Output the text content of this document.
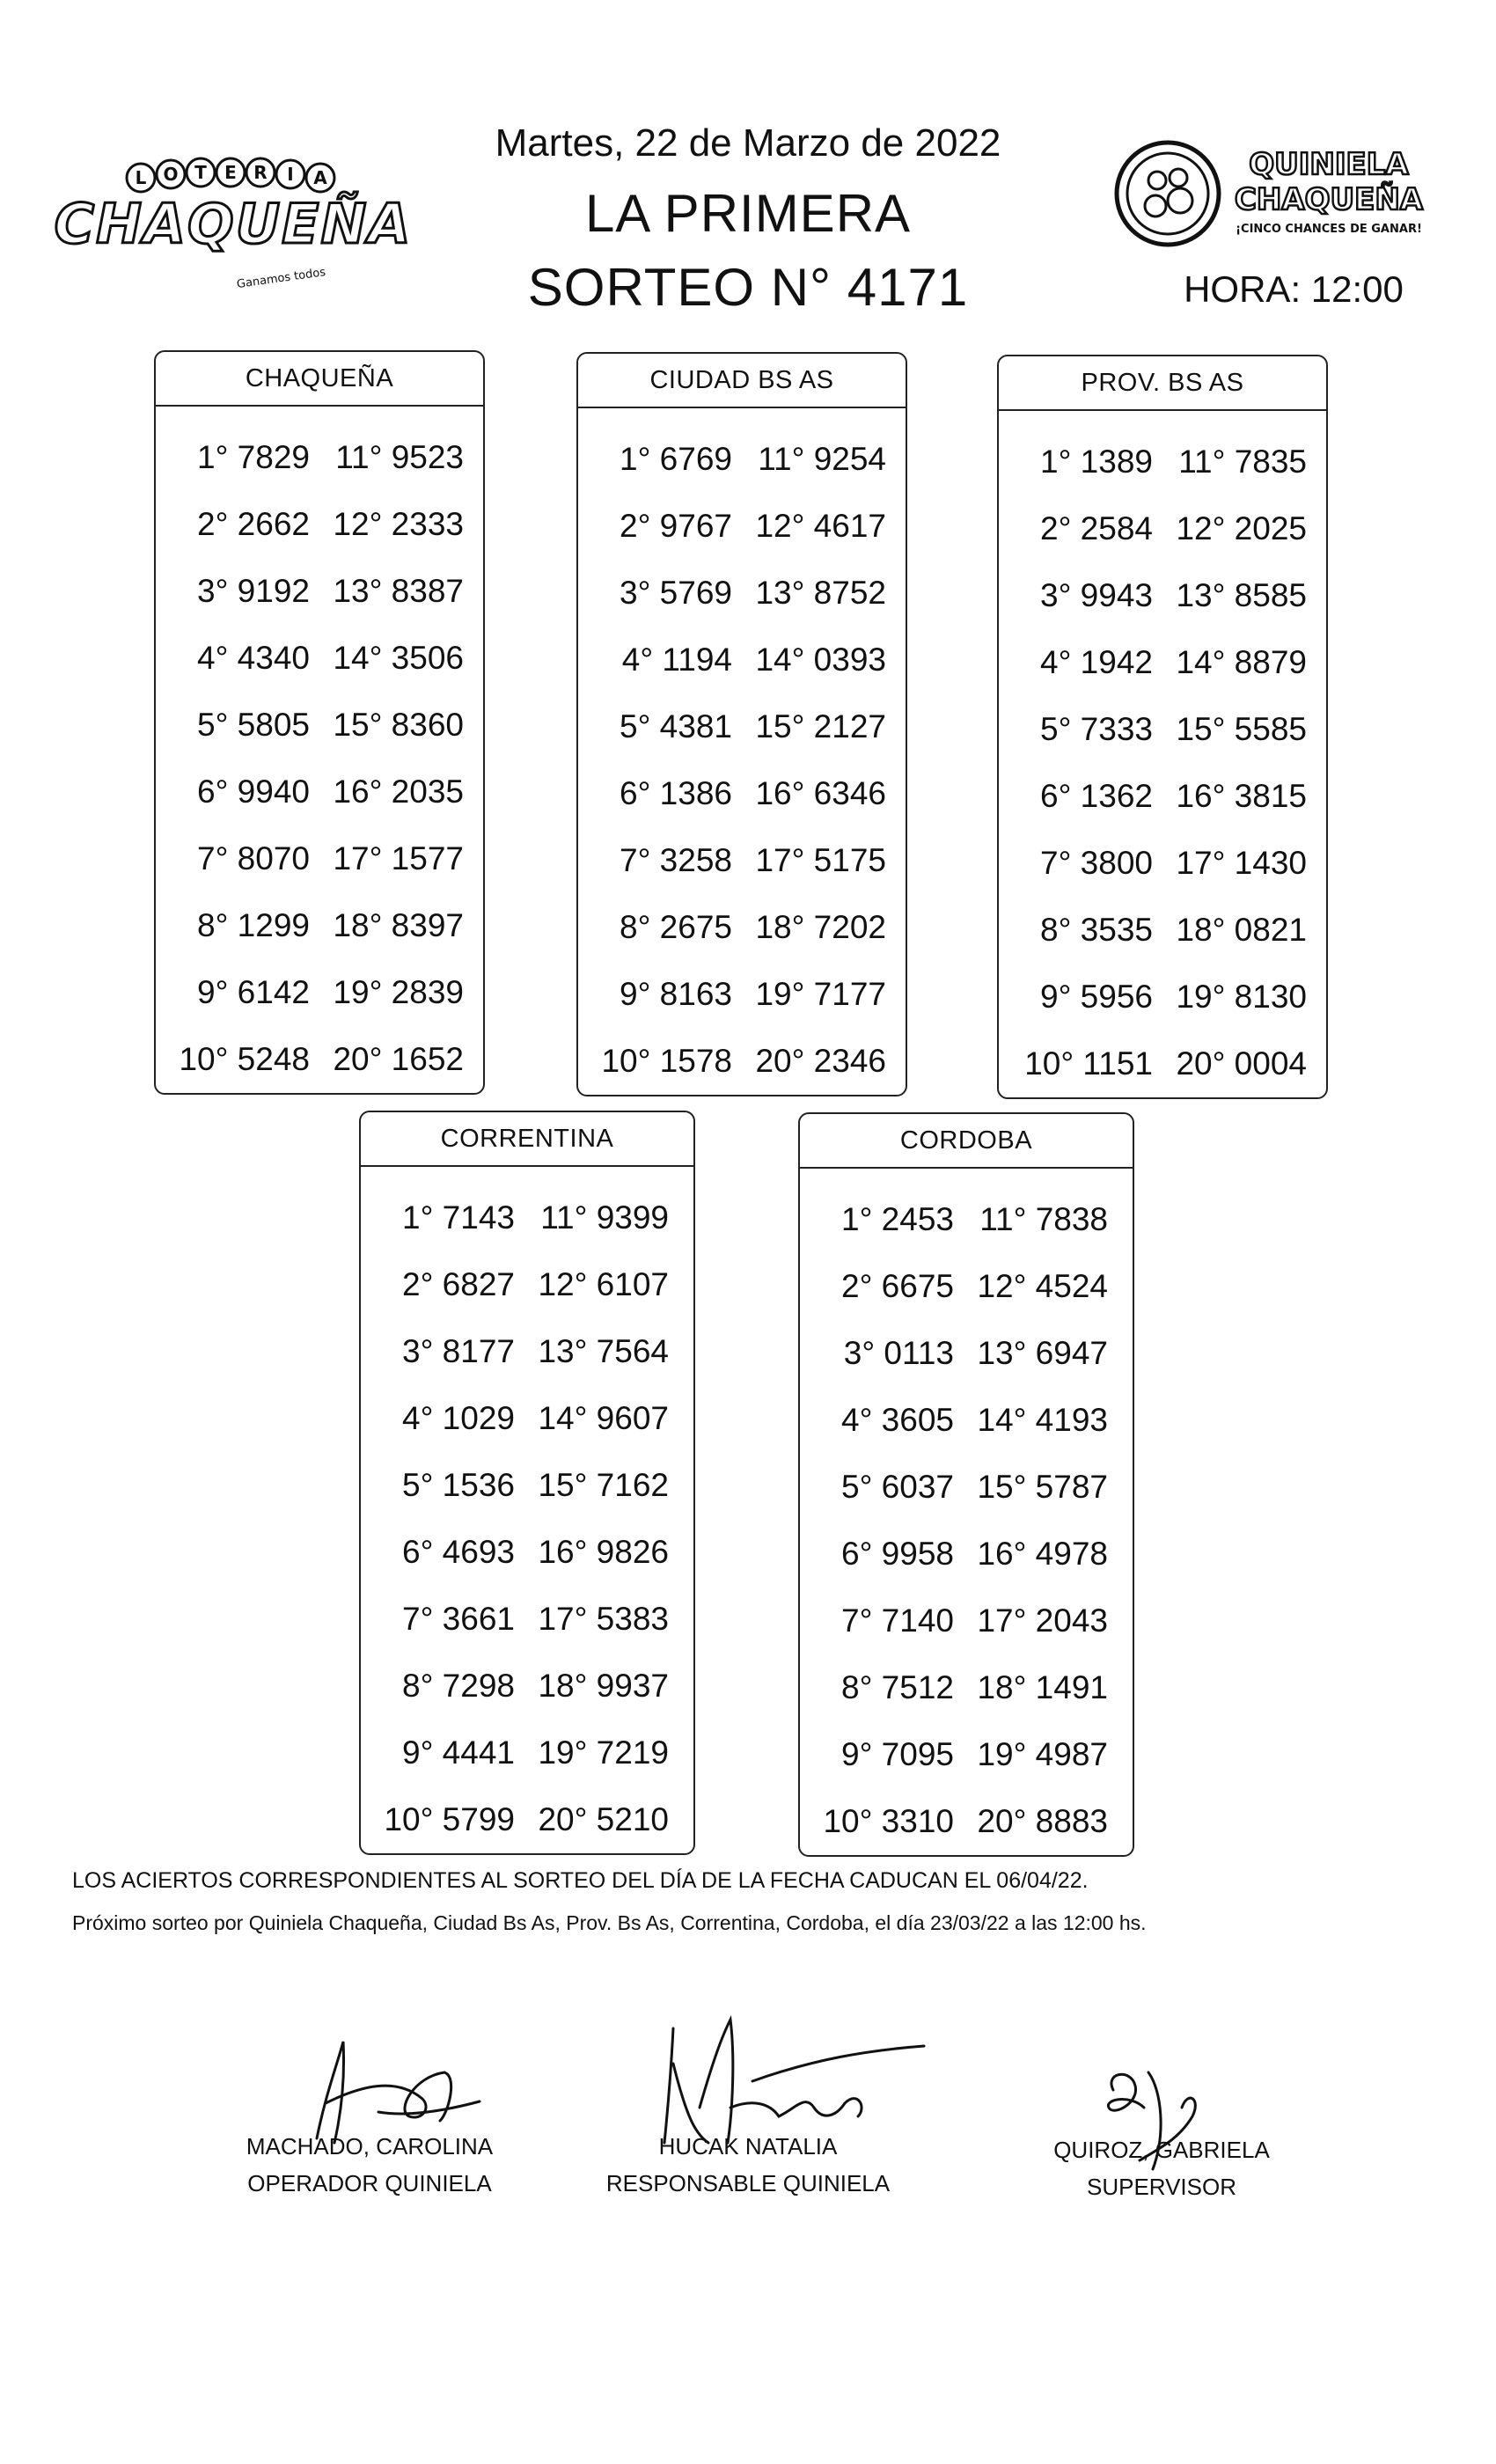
L O T E R I A
CHAQUEÑA
Ganamos todos
QUINIELA
CHAQUEÑA
¡CINCO CHANCES DE GANAR!
Martes, 22 de Marzo de 2022
LA PRIMERA
SORTEO N° 4171	HORA: 12:00
CHAQUEÑA
1° 7829 11° 9523
2° 2662 12° 2333
3° 9192 13° 8387
4° 4340 14° 3506
5° 5805 15° 8360
6° 9940 16° 2035
7° 8070 17° 1577
8° 1299 18° 8397
9° 6142 19° 2839
10° 5248 20° 1652
CIUDAD BS AS
1° 6769 11° 9254
2° 9767 12° 4617
3° 5769 13° 8752
4° 1194 14° 0393
5° 4381 15° 2127
6° 1386 16° 6346
7° 3258 17° 5175
8° 2675 18° 7202
9° 8163 19° 7177
10° 1578 20° 2346
PROV. BS AS
1° 1389 11° 7835
2° 2584 12° 2025
3° 9943 13° 8585
4° 1942 14° 8879
5° 7333 15° 5585
6° 1362 16° 3815
7° 3800 17° 1430
8° 3535 18° 0821
9° 5956 19° 8130
10° 1151 20° 0004
CORRENTINA
1° 7143 11° 9399
2° 6827 12° 6107
3° 8177 13° 7564
4° 1029 14° 9607
5° 1536 15° 7162
6° 4693 16° 9826
7° 3661 17° 5383
8° 7298 18° 9937
9° 4441 19° 7219
10° 5799 20° 5210
CORDOBA
1° 2453 11° 7838
2° 6675 12° 4524
3° 0113 13° 6947
4° 3605 14° 4193
5° 6037 15° 5787
6° 9958 16° 4978
7° 7140 17° 2043
8° 7512 18° 1491
9° 7095 19° 4987
10° 3310 20° 8883
LOS ACIERTOS CORRESPONDIENTES AL SORTEO DEL DÍA DE LA FECHA CADUCAN EL 06/04/22.
Próximo sorteo por Quiniela Chaqueña, Ciudad Bs As, Prov. Bs As, Correntina, Cordoba, el día 23/03/22 a las 12:00 hs.
MACHADO, CAROLINA
OPERADOR QUINIELA
HUCAK NATALIA
RESPONSABLE QUINIELA
QUIROZ, GABRIELA
SUPERVISOR
